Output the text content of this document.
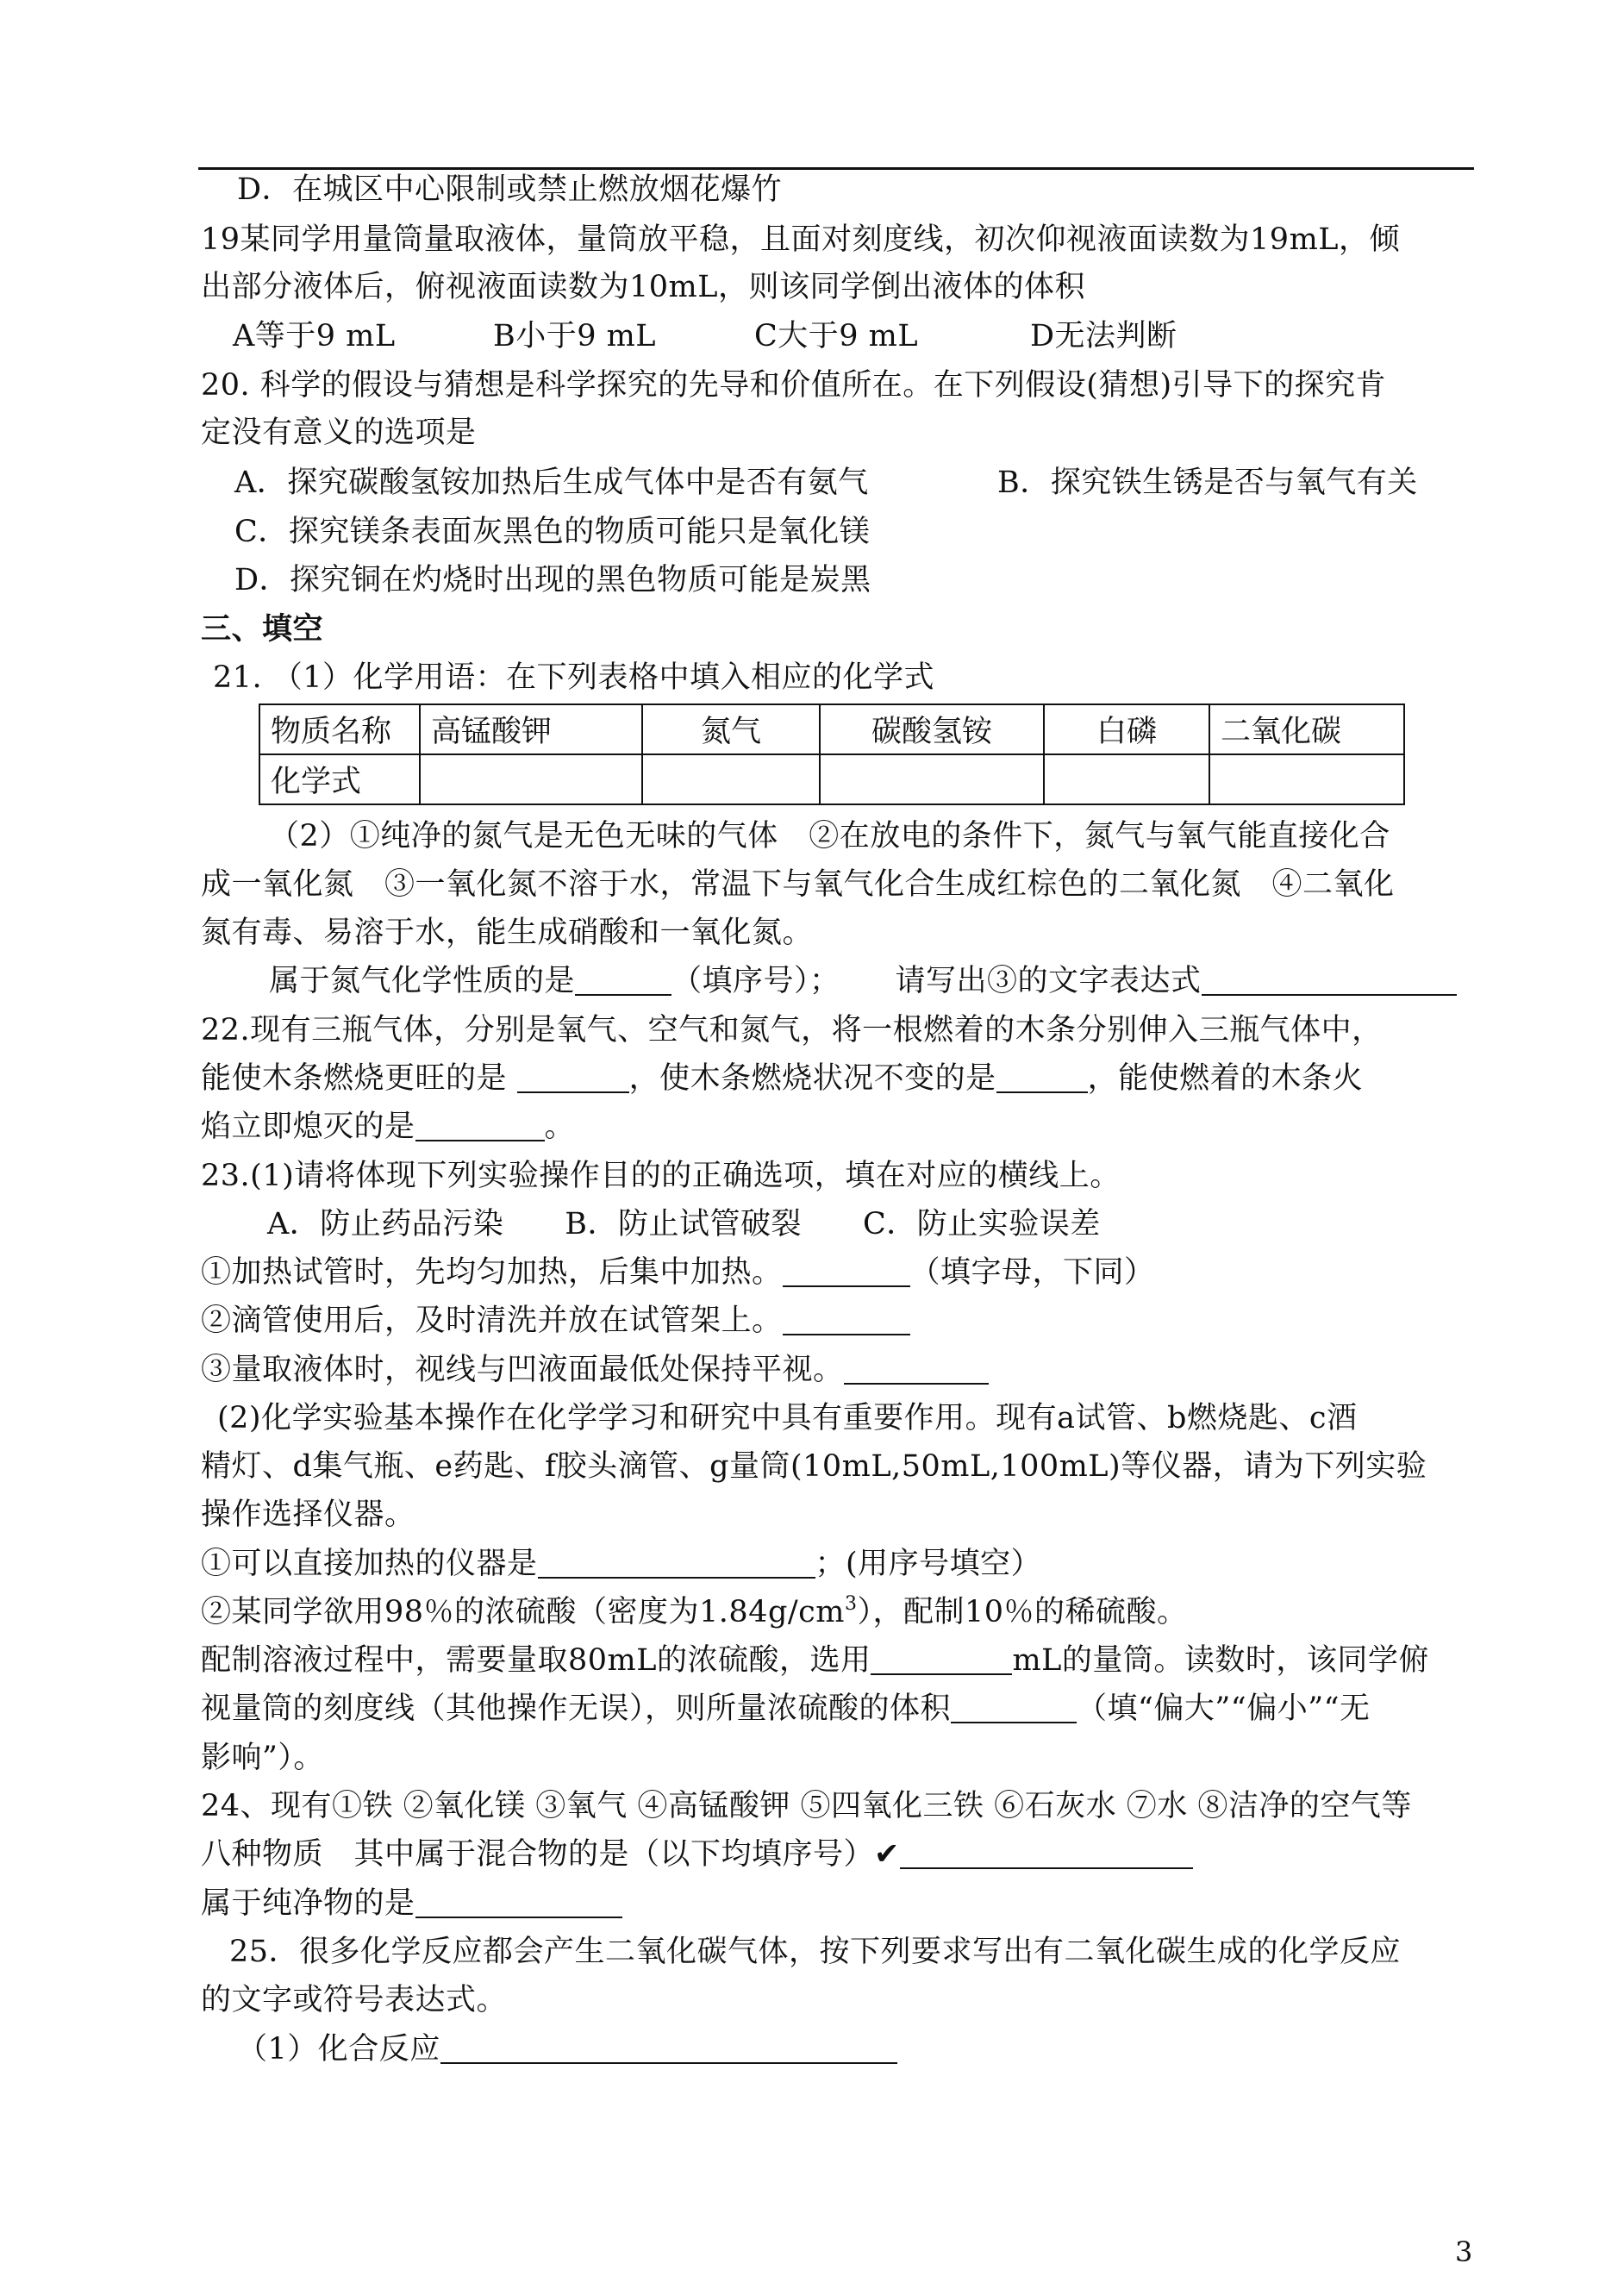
D．在城区中心限制或禁止燃放烟花爆竹
19某同学用量筒量取液体，量筒放平稳，且面对刻度线，初次仰视液面读数为19mL，倾
出部分液体后，俯视液面读数为10mL，则该同学倒出液体的体积
A等于9 mL	B小于9 mL	C大于9 mL	D无法判断
20. 科学的假设与猜想是科学探究的先导和价值所在。在下列假设(猜想)引导下的探究肯
定没有意义的选项是
A．探究碳酸氢铵加热后生成气体中是否有氨气	B．探究铁生锈是否与氧气有关
C．探究镁条表面灰黑色的物质可能只是氧化镁
D．探究铜在灼烧时出现的黑色物质可能是炭黑
三、填空
21. （1）化学用语：在下列表格中填入相应的化学式
物质名称	高锰酸钾	氮气	碳酸氢铵	白磷	二氧化碳
化学式					
（2）①纯净的氮气是无色无味的气体　②在放电的条件下，氮气与氧气能直接化合
成一氧化氮　③一氧化氮不溶于水，常温下与氧气化合生成红棕色的二氧化氮　④二氧化
氮有毒、易溶于水，能生成硝酸和一氧化氮。
属于氮气化学性质的是	（填序号）； 请写出③的文字表达式
22.现有三瓶气体，分别是氧气、空气和氮气，将一根燃着的木条分别伸入三瓶气体中，
能使木条燃烧更旺的是	，使木条燃烧状况不变的是	，能使燃着的木条火
焰立即熄灭的是	。
23.(1)请将体现下列实验操作目的的正确选项，填在对应的横线上。
A．防止药品污染　　B．防止试管破裂　　C．防止实验误差
①加热试管时，先均匀加热，后集中加热。	（填字母，下同）
②滴管使用后，及时清洗并放在试管架上。
③量取液体时，视线与凹液面最低处保持平视。
(2)化学实验基本操作在化学学习和研究中具有重要作用。现有a试管、b燃烧匙、c酒
精灯、d集气瓶、e药匙、f胶头滴管、g量筒(10mL,50mL,100mL)等仪器，请为下列实验
操作选择仪器。
①可以直接加热的仪器是	；(用序号填空）
②某同学欲用98％的浓硫酸（密度为$1.84g/cm^3$），配制10％的稀硫酸。
配制溶液过程中，需要量取80mL的浓硫酸，选用	mL的量筒。读数时，该同学俯
视量筒的刻度线（其他操作无误），则所量浓硫酸的体积	（填“偏大”“偏小”“无
影响”）。
24、现有①铁 ②氧化镁 ③氧气 ④高锰酸钾 ⑤四氧化三铁 ⑥石灰水 ⑦水 ⑧洁净的空气等
八种物质　其中属于混合物的是（以下均填序号）✔
属于纯净物的是
25．很多化学反应都会产生二氧化碳气体，按下列要求写出有二氧化碳生成的化学反应
的文字或符号表达式。
（1）化合反应
3
